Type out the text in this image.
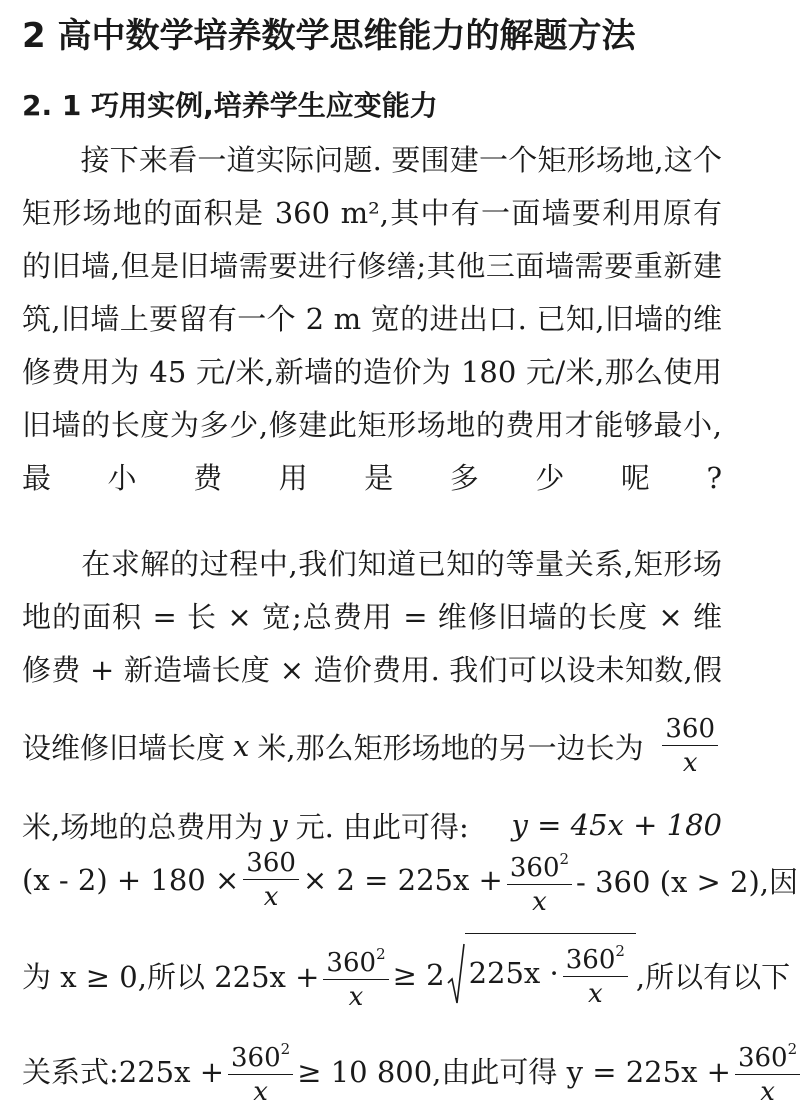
2 高中数学培养数学思维能力的解题方法
2. 1 巧用实例,培养学生应变能力

　　接下来看一道实际问题. 要围建一个矩形场地,这个矩形场地的面积是 360 m²,其中有一面墙要利用原有的旧墙,但是旧墙需要进行修缮;其他三面墙需要重新建筑,旧墙上要留有一个 2 m 宽的进出口. 已知,旧墙的维修费用为 45 元/米,新墙的造价为 180 元/米,那么使用旧墙的长度为多少,修建此矩形场地的费用才能够最小,最小费用是多少呢?

　　在求解的过程中,我们知道已知的等量关系,矩形场地的面积 = 长 × 宽;总费用 = 维修旧墙的长度 × 维修费 + 新造墙长度 × 造价费用. 我们可以设未知数,假

设维修旧墙长度 x 米,那么矩形场地的另一边长为 $\frac{360}{x}$
米,场地的总费用为 y 元. 由此可得: y = 45x + 180
$(x - 2) + 180 \times \frac{360}{x} \times 2 = 225x + \frac{360^2}{x} - 360$ (x > 2),因
为 x ≥ 0,所以 $225x + \frac{360^2}{x} \ge 2$ $225x \cdot \frac{360^2}{x}$ ,所以有以下
关系式:225x + $\frac{360^2}{x} \ge 10$ 800,由此可得 $y = 225x + \frac{360^2}{x}$
